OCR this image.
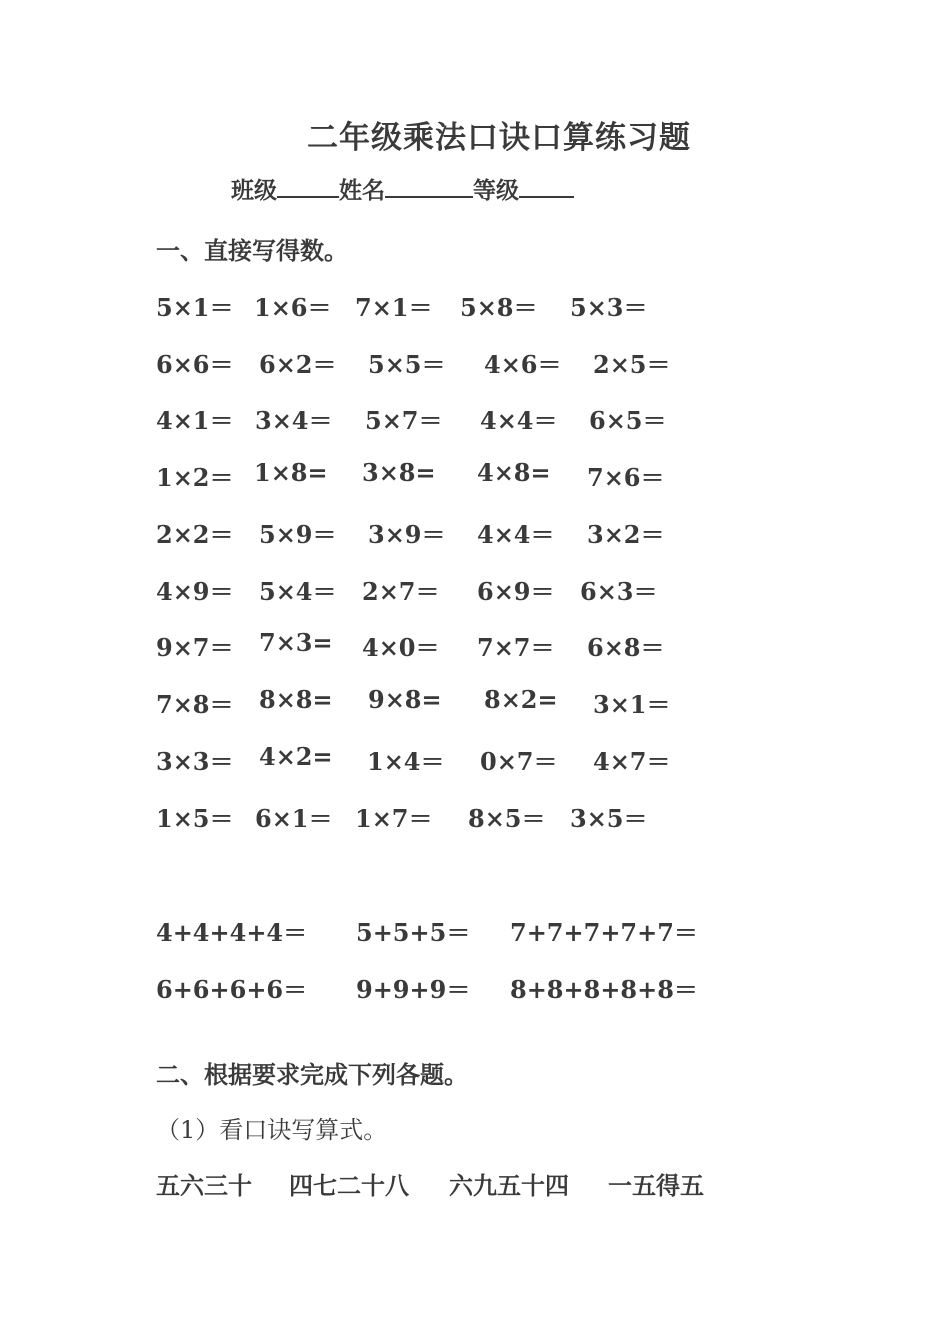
二年级乘法口诀口算练习题
班级	姓名	等级
一、直接写得数。
5×1＝ 1×6＝ 7×1＝ 5×8＝ 5×3＝
6×6＝ 6×2＝ 5×5＝ 4×6＝ 2×5＝
4×1＝ 3×4＝ 5×7＝ 4×4＝ 6×5＝
1×2＝ 1×8= 3×8= 4×8= 7×6＝
2×2＝ 5×9＝ 3×9＝ 4×4＝ 3×2＝
4×9＝ 5×4＝ 2×7＝ 6×9＝ 6×3＝
9×7＝ 7×3= 4×0＝ 7×7＝ 6×8＝
7×8＝ 8×8= 9×8= 8×2= 3×1＝
3×3＝ 4×2= 1×4＝ 0×7＝ 4×7＝
1×5＝ 6×1＝ 1×7＝ 8×5＝ 3×5＝
4+4+4+4＝ 5+5+5＝ 7+7+7+7+7＝
6+6+6+6＝ 9+9+9＝ 8+8+8+8+8＝
二、根据要求完成下列各题。
（1）看口诀写算式。
五六三十 四七二十八 六九五十四 一五得五
